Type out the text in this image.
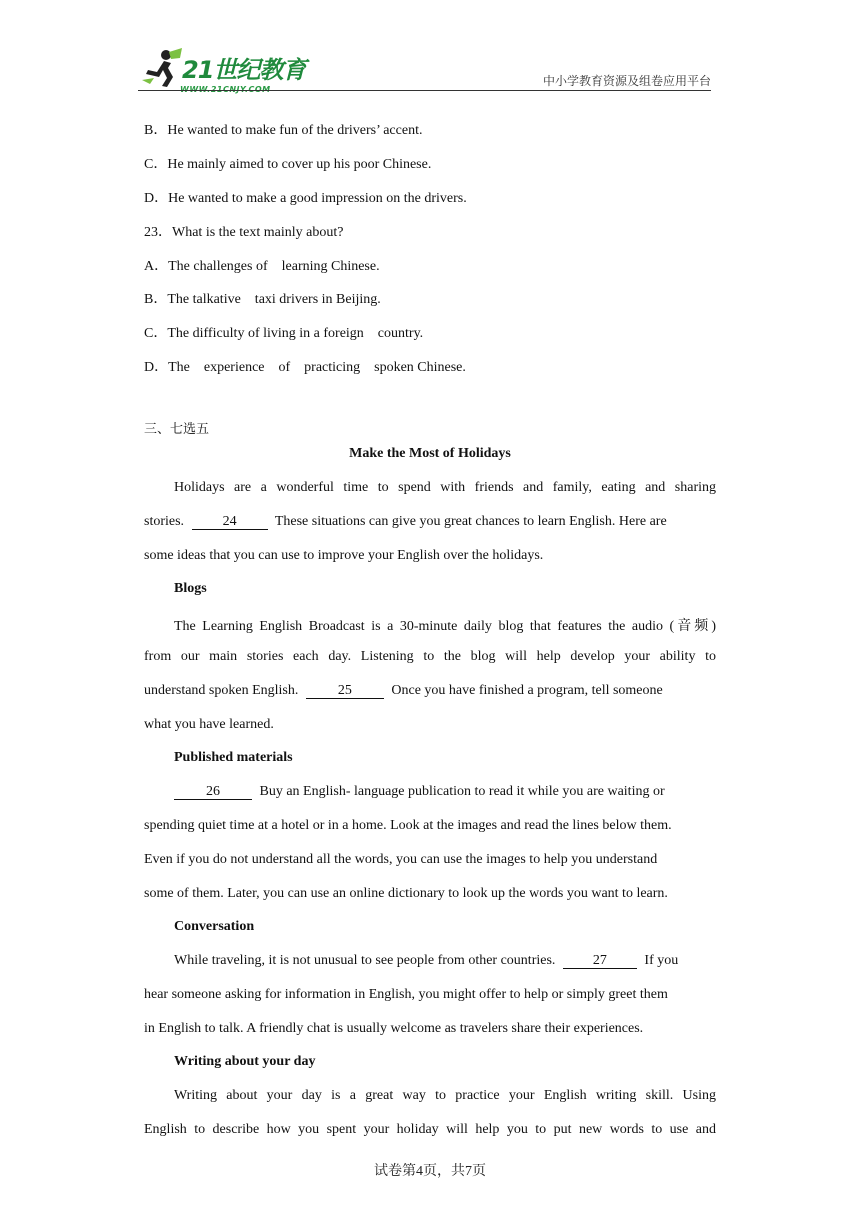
21世纪教育
WWW.21CNJY.COM
中小学教育资源及组卷应用平台
B．He wanted to make fun of the drivers’ accent.
C．He mainly aimed to cover up his poor Chinese.
D．He wanted to make a good impression on the drivers.
23．What is the text mainly about?
A．The challenges of    learning Chinese.
B．The talkative    taxi drivers in Beijing.
C．The difficulty of living in a foreign    country.
D．The    experience    of    practicing    spoken Chinese.
三、七选五
Make the Most of Holidays
Holidays are a wonderful time to spend with friends and family, eating and sharing
stories.	24	These situations can give you great chances to learn English. Here are
some ideas that you can use to improve your English over the holidays.
Blogs
The Learning English Broadcast is a 30-minute daily blog that features the audio (音频)
from our main stories each day. Listening to the blog will help develop your ability to
understand spoken English.	25	Once you have finished a program, tell someone
what you have learned.
Published materials
26	Buy an English- language publication to read it while you are waiting or
spending quiet time at a hotel or in a home. Look at the images and read the lines below them.
Even if you do not understand all the words, you can use the images to help you understand
some of them. Later, you can use an online dictionary to look up the words you want to learn.
Conversation
While traveling, it is not unusual to see people from other countries.	27	If you
hear someone asking for information in English, you might offer to help or simply greet them
in English to talk. A friendly chat is usually welcome as travelers share their experiences.
Writing about your day
Writing about your day is a great way to practice your English writing skill. Using
English to describe how you spent your holiday will help you to put new words to use and
试卷第4页，共7页
